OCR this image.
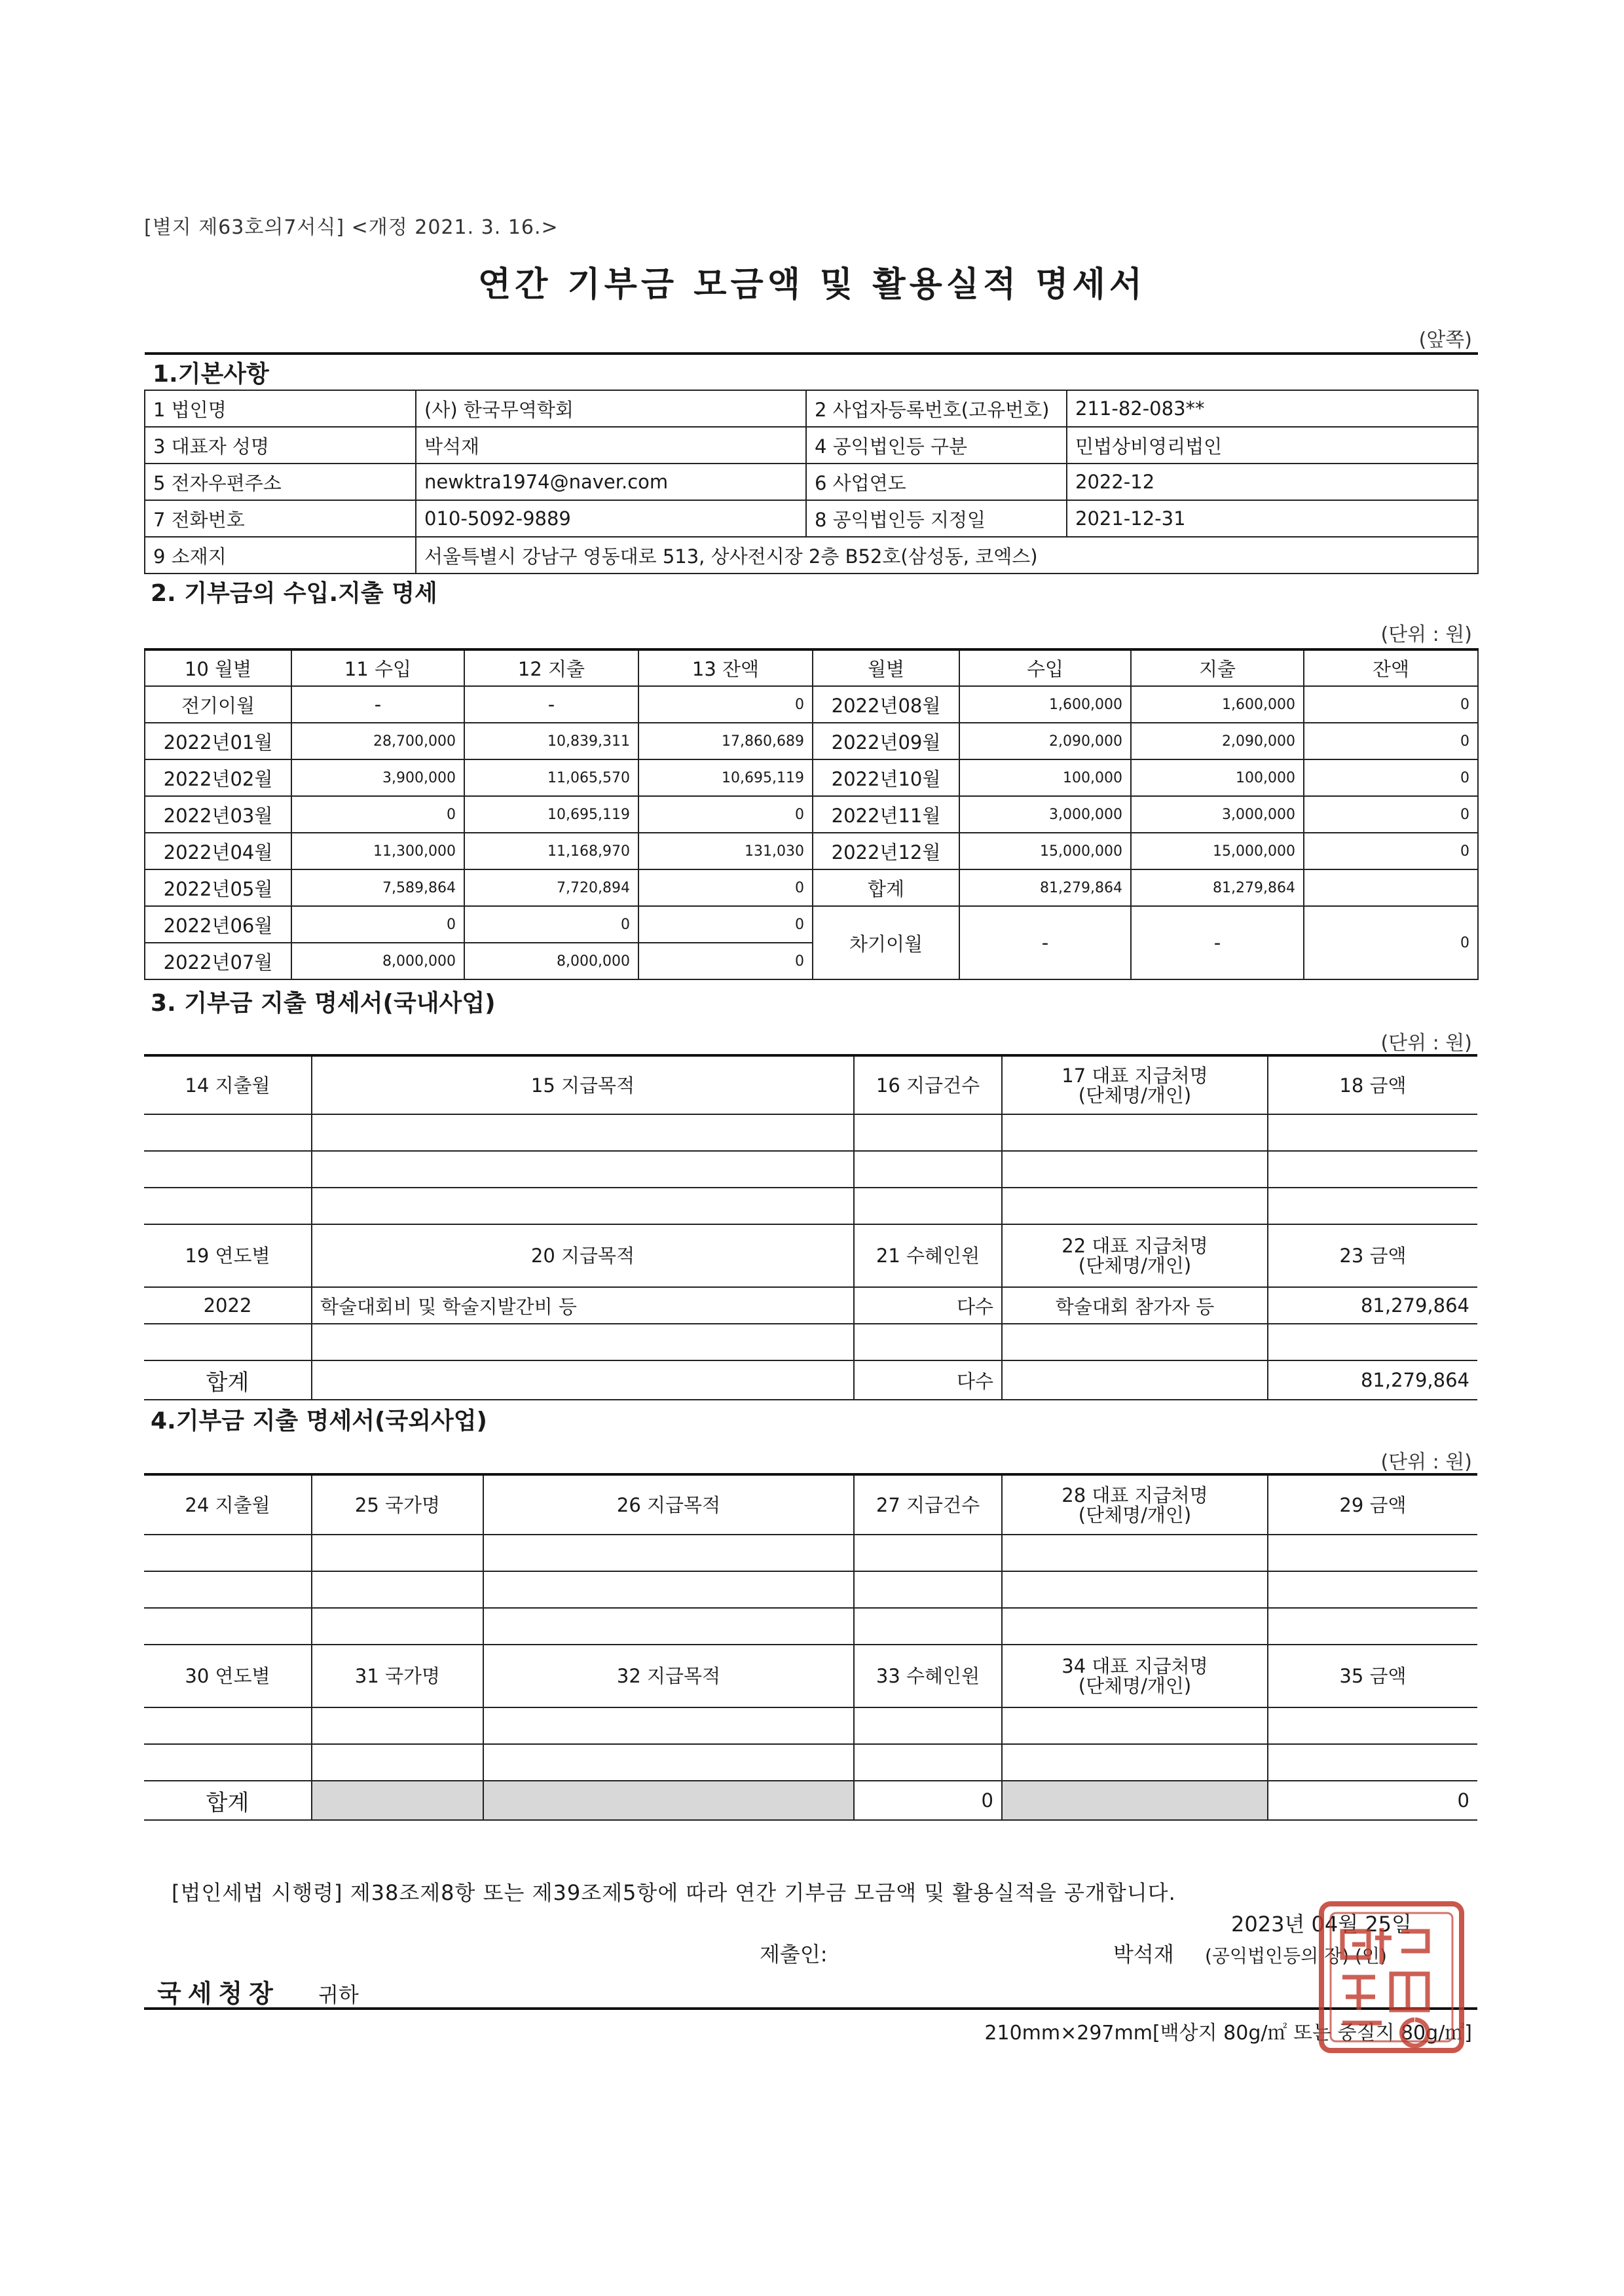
[별지 제63호의7서식] <개정 2021. 3. 16.>
연간 기부금 모금액 및 활용실적 명세서
(앞쪽)
1.기본사항			
1 법인명	(사) 한국무역학회	2 사업자등록번호(고유번호)	211-82-083**
3 대표자 성명	박석재	4 공익법인등 구분	민법상비영리법인
5 전자우편주소	newktra1974@naver.com	6 사업연도	2022-12
7 전화번호	010-5092-9889	8 공익법인등 지정일	2021-12-31
9 소재지	서울특별시 강남구 영동대로 513, 상사전시장 2층 B52호(삼성동, 코엑스)		
2. 기부금의 수입.지출 명세
(단위 : 원)
10 월별	11 수입	12 지출	13 잔액	월별	수입	지출	잔액
전기이월	-	-	0	2022년08월	1,600,000	1,600,000	0
2022년01월	28,700,000	10,839,311	17,860,689	2022년09월	2,090,000	2,090,000	0
2022년02월	3,900,000	11,065,570	10,695,119	2022년10월	100,000	100,000	0
2022년03월	0	10,695,119	0	2022년11월	3,000,000	3,000,000	0
2022년04월	11,300,000	11,168,970	131,030	2022년12월	15,000,000	15,000,000	0
2022년05월	7,589,864	7,720,894	0	합계	81,279,864	81,279,864	
2022년06월	0	0	0	차기이월	-	-	0
2022년07월	8,000,000	8,000,000	0				
3. 기부금 지출 명세서(국내사업)
(단위 : 원)
14 지출월	15 지급목적	16 지급건수	17 대표 지급처명
(단체명/개인)	18 금액

19 연도별	20 지급목적	21 수혜인원	22 대표 지급처명
(단체명/개인)	23 금액
2022	학술대회비 및 학술지발간비 등	다수	학술대회 참가자 등	81,279,864

합계		다수		81,279,864
4.기부금 지출 명세서(국외사업)
(단위 : 원)
24 지출월	25 국가명	26 지급목적	27 지급건수	28 대표 지급처명
(단체명/개인)	29 금액

30 연도별	31 국가명	32 지급목적	33 수혜인원	34 대표 지급처명
(단체명/개인)	35 금액

합계			0		0
[법인세법 시행령] 제38조제8항 또는 제39조제5항에 따라 연간 기부금 모금액 및 활용실적을 공개합니다.
2023년 04월 25일
제출인:	박석재 (공익법인등의 장) (인)
국세청장 귀하
210mm×297mm[백상지 80g/㎡ 또는 중질지 80g/㎡]
